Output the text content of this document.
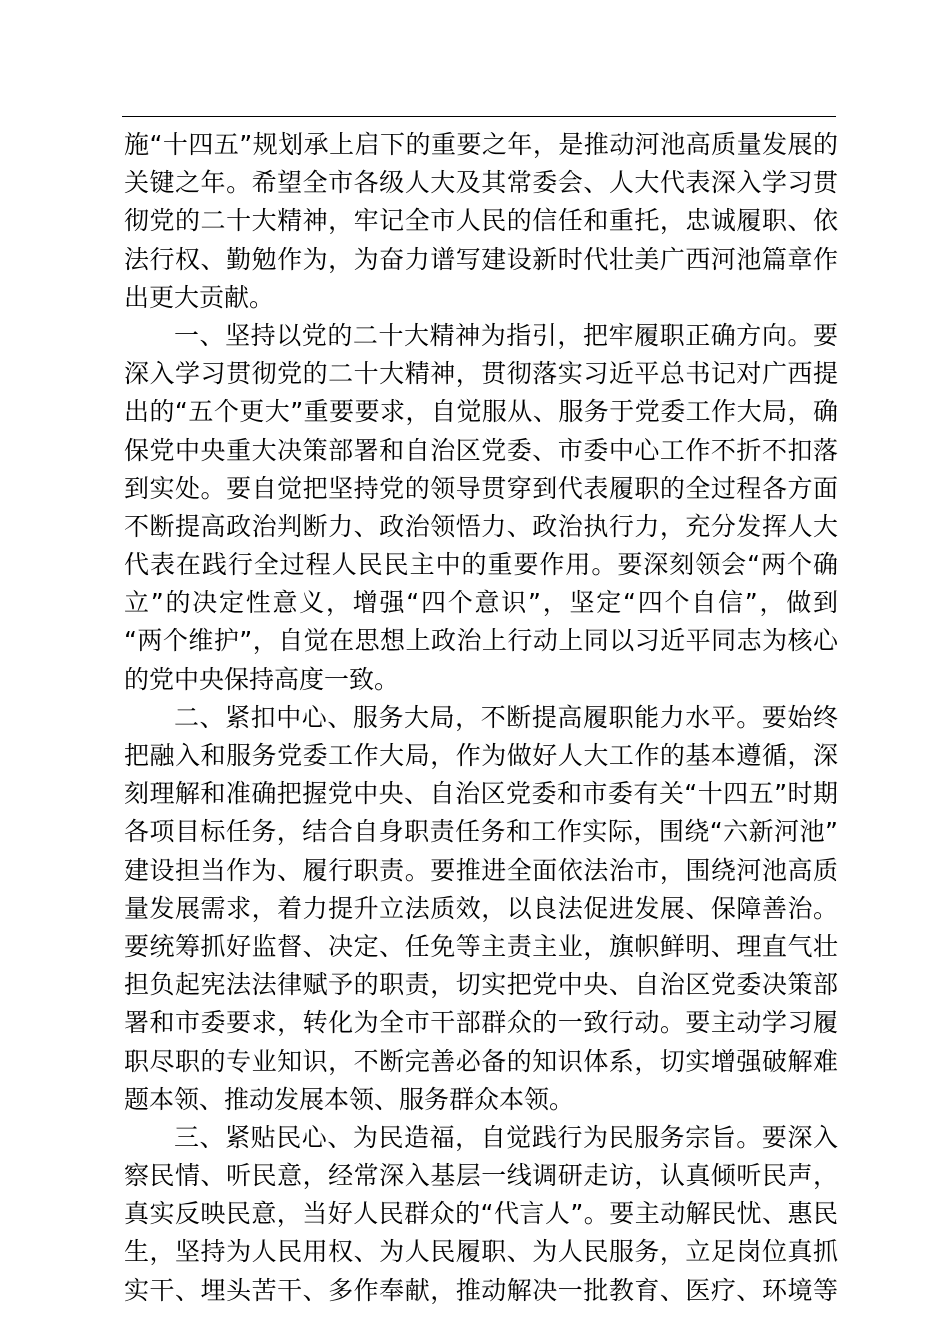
施“十四五”规划承上启下的重要之年，是推动河池高质量发展的
关键之年。希望全市各级人大及其常委会、人大代表深入学习贯
彻党的二十大精神，牢记全市人民的信任和重托，忠诚履职、依
法行权、勤勉作为，为奋力谱写建设新时代壮美广西河池篇章作
出更大贡献。
一、坚持以党的二十大精神为指引，把牢履职正确方向。要
深入学习贯彻党的二十大精神，贯彻落实习近平总书记对广西提
出的“五个更大”重要要求，自觉服从、服务于党委工作大局，确
保党中央重大决策部署和自治区党委、市委中心工作不折不扣落
到实处。要自觉把坚持党的领导贯穿到代表履职的全过程各方面
不断提高政治判断力、政治领悟力、政治执行力，充分发挥人大
代表在践行全过程人民民主中的重要作用。要深刻领会“两个确
立”的决定性意义，增强“四个意识”，坚定“四个自信”，做到
“两个维护”，自觉在思想上政治上行动上同以习近平同志为核心
的党中央保持高度一致。
二、紧扣中心、服务大局，不断提高履职能力水平。要始终
把融入和服务党委工作大局，作为做好人大工作的基本遵循，深
刻理解和准确把握党中央、自治区党委和市委有关“十四五”时期
各项目标任务，结合自身职责任务和工作实际，围绕“六新河池”
建设担当作为、履行职责。要推进全面依法治市，围绕河池高质
量发展需求，着力提升立法质效，以良法促进发展、保障善治。
要统筹抓好监督、决定、任免等主责主业，旗帜鲜明、理直气壮
担负起宪法法律赋予的职责，切实把党中央、自治区党委决策部
署和市委要求，转化为全市干部群众的一致行动。要主动学习履
职尽职的专业知识，不断完善必备的知识体系，切实增强破解难
题本领、推动发展本领、服务群众本领。
三、紧贴民心、为民造福，自觉践行为民服务宗旨。要深入
察民情、听民意，经常深入基层一线调研走访，认真倾听民声，
真实反映民意，当好人民群众的“代言人”。要主动解民忧、惠民
生，坚持为人民用权、为人民履职、为人民服务，立足岗位真抓
实干、埋头苦干、多作奉献，推动解决一批教育、医疗、环境等
